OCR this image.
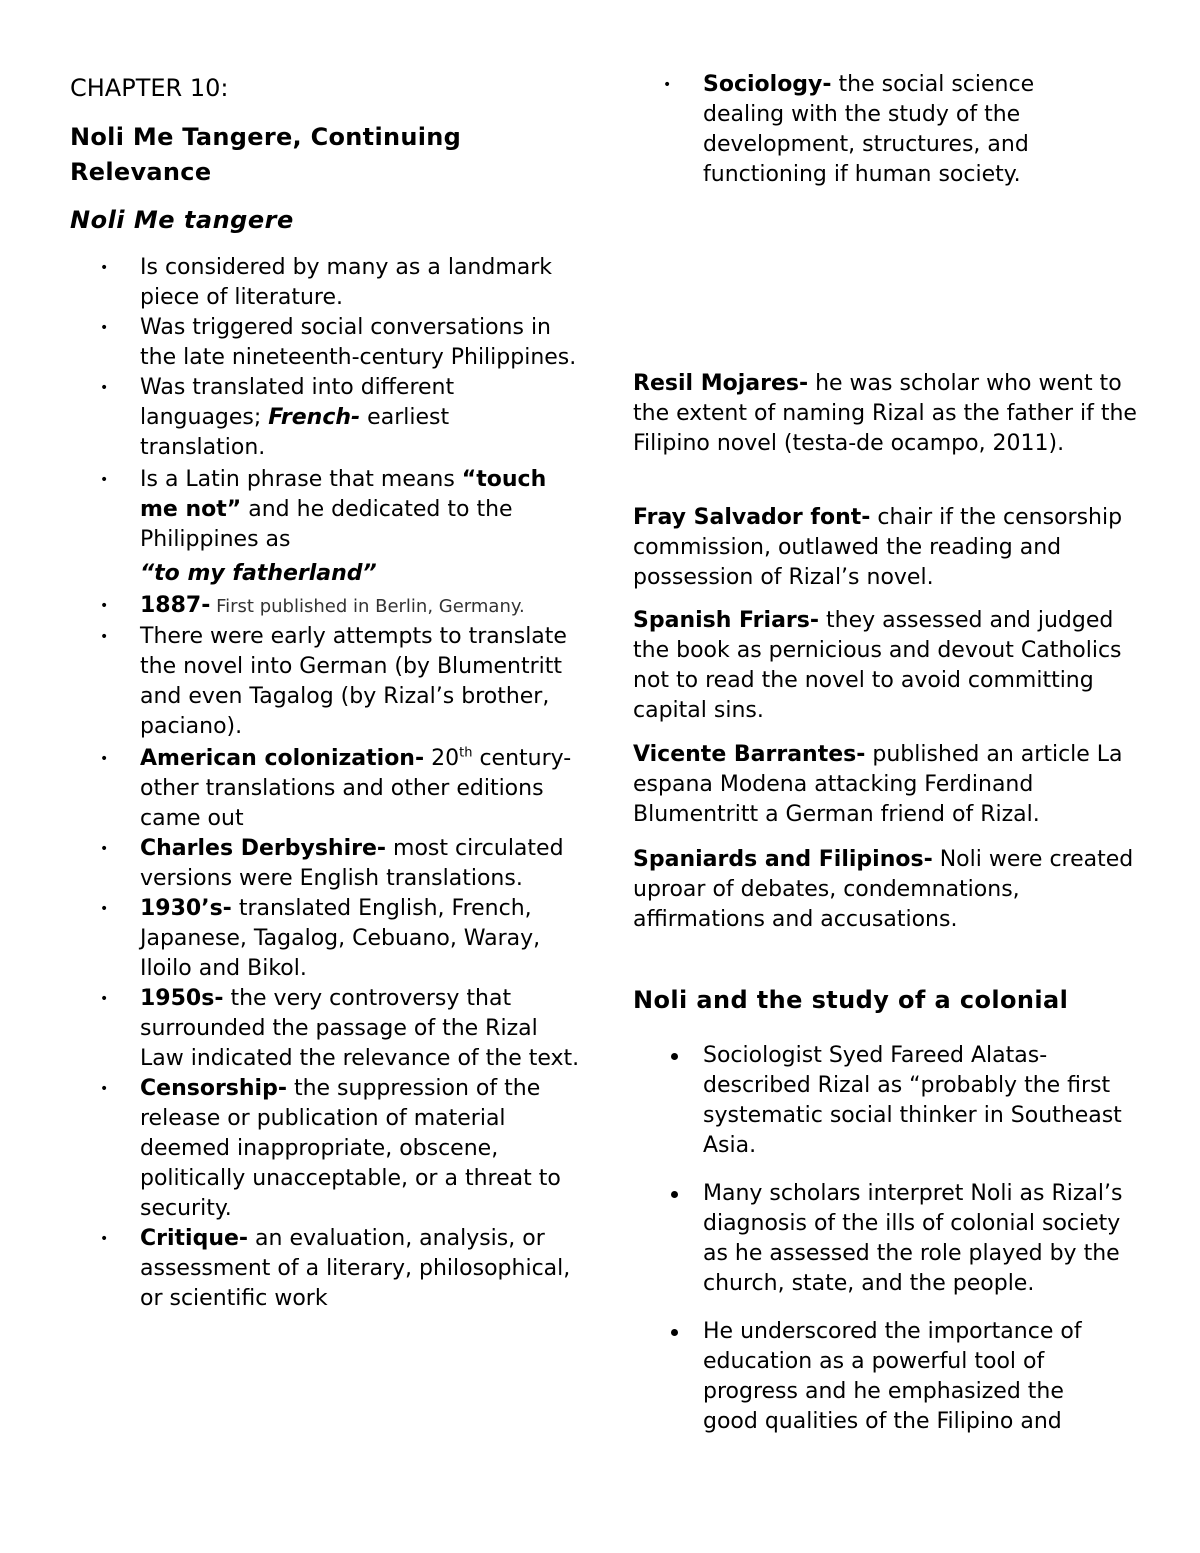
CHAPTER 10:
Noli Me Tangere, Continuing Relevance
Noli Me tangere
• Is considered by many as a landmark piece of literature.
• Was triggered social conversations in the late nineteenth-century Philippines.
• Was translated into different languages; French- earliest translation.
• Is a Latin phrase that means “touch me not” and he dedicated to the Philippines as
“to my fatherland”
• 1887- First published in Berlin, Germany.
• There were early attempts to translate the novel into German (by Blumentritt and even Tagalog (by Rizal’s brother, paciano).
• American colonization- 20th century-other translations and other editions came out
• Charles Derbyshire- most circulated versions were English translations.
• 1930’s- translated English, French, Japanese, Tagalog, Cebuano, Waray, Iloilo and Bikol.
• 1950s- the very controversy that surrounded the passage of the Rizal Law indicated the relevance of the text.
• Censorship- the suppression of the release or publication of material deemed inappropriate, obscene, politically unacceptable, or a threat to security.
• Critique- an evaluation, analysis, or assessment of a literary, philosophical, or scientific work
• Sociology- the social science dealing with the study of the development, structures, and functioning if human society.

Resil Mojares- he was scholar who went to the extent of naming Rizal as the father if the Filipino novel (testa-de ocampo, 2011).

Fray Salvador font- chair if the censorship commission, outlawed the reading and possession of Rizal’s novel.

Spanish Friars- they assessed and judged the book as pernicious and devout Catholics not to read the novel to avoid committing capital sins.

Vicente Barrantes- published an article La espana Modena attacking Ferdinand Blumentritt a German friend of Rizal.

Spaniards and Filipinos- Noli were created uproar of debates, condemnations, affirmations and accusations.

Noli and the study of a colonial
Sociologist Syed Fareed Alatas-described Rizal as “probably the first systematic social thinker in Southeast Asia.
Many scholars interpret Noli as Rizal’s diagnosis of the ills of colonial society as he assessed the role played by the church, state, and the people.
He underscored the importance of education as a powerful tool of progress and he emphasized the good qualities of the Filipino and
